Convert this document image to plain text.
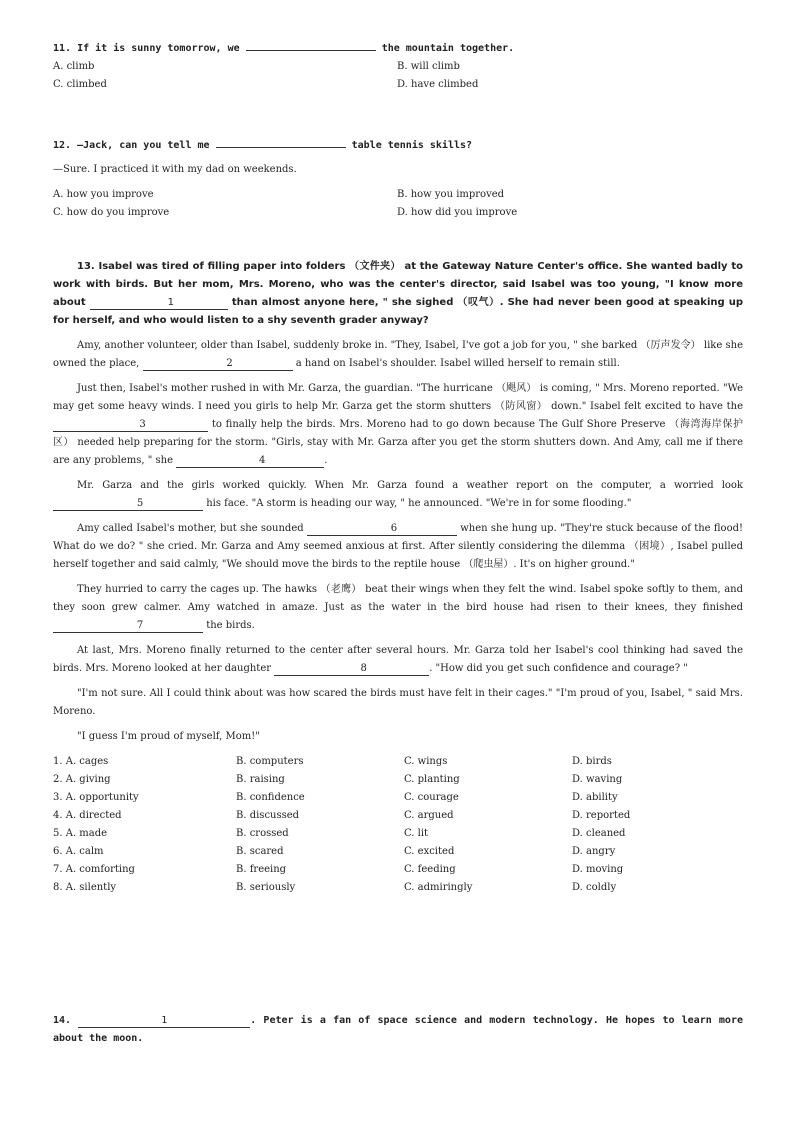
11. If it is sunny tomorrow, we	the mountain together.
A. climb	B. will climb
C. climbed	D. have climbed
12. —Jack, can you tell me	table tennis skills?
—Sure. I practiced it with my dad on weekends.
A. how you improve	B. how you improved
C. how do you improve	D. how did you improve

13. Isabel was tired of filling paper into folders （文件夹） at the Gateway Nature Center's office. She wanted badly to work with birds. But her mom, Mrs. Moreno, who was the center's director, said Isabel was too young, "I know more about	1	than almost anyone here, " she sighed （叹气）. She had never been good at speaking up for herself, and who would listen to a shy seventh grader anyway?

Amy, another volunteer, older than Isabel, suddenly broke in. "They, Isabel, I've got a job for you, " she barked （厉声发令） like she owned the place,	2	a hand on Isabel's shoulder. Isabel willed herself to remain still.

Just then, Isabel's mother rushed in with Mr. Garza, the guardian. "The hurricane （飓风） is coming, " Mrs. Moreno reported. "We may get some heavy winds. I need you girls to help Mr. Garza get the storm shutters （防风窗） down." Isabel felt excited to have the 3	to finally help the birds. Mrs. Moreno had to go down because The Gulf Shore Preserve （海湾海岸保护区） needed help preparing for the storm. "Girls, stay with Mr. Garza after you get the storm shutters down. And Amy, call me if there are any problems, " she	4	.

Mr. Garza and the girls worked quickly. When Mr. Garza found a weather report on the computer, a worried look 5	his face. "A storm is heading our way, " he announced. "We're in for some flooding."

Amy called Isabel's mother, but she sounded	6	when she hung up. "They're stuck because of the flood! What do we do? " she cried. Mr. Garza and Amy seemed anxious at first. After silently considering the dilemma （困境）, Isabel pulled herself together and said calmly, "We should move the birds to the reptile house （爬虫屋）. It's on higher ground."

They hurried to carry the cages up. The hawks （老鹰） beat their wings when they felt the wind. Isabel spoke softly to them, and they soon grew calmer. Amy watched in amaze. Just as the water in the bird house had risen to their knees, they finished 7	the birds.

At last, Mrs. Moreno finally returned to the center after several hours. Mr. Garza told her Isabel's cool thinking had saved the birds. Mrs. Moreno looked at her daughter	8	. "How did you get such confidence and courage? "

"I'm not sure. All I could think about was how scared the birds must have felt in their cages." "I'm proud of you, Isabel, " said Mrs. Moreno.

"I guess I'm proud of myself, Mom!"

1. A. cages	B. computers	C. wings	D. birds
2. A. giving	B. raising	C. planting	D. waving
3. A. opportunity	B. confidence	C. courage	D. ability
4. A. directed	B. discussed	C. argued	D. reported
5. A. made	B. crossed	C. lit	D. cleaned
6. A. calm	B. scared	C. excited	D. angry
7. A. comforting	B. freeing	C. feeding	D. moving
8. A. silently	B. seriously	C. admiringly	D. coldly
14.	1	. Peter is a fan of space science and modern technology. He hopes to learn more about the moon.
